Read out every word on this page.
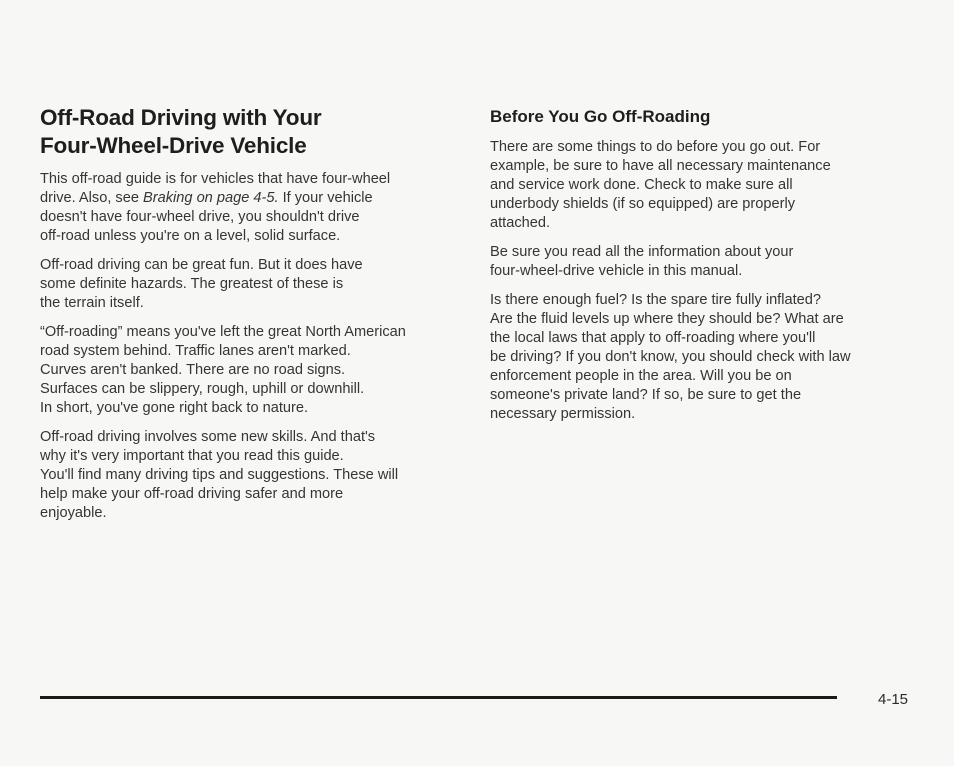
Off-Road Driving with Your
Four-Wheel-Drive Vehicle

This off-road guide is for vehicles that have four-wheel
drive. Also, see Braking on page 4-5. If your vehicle
doesn't have four-wheel drive, you shouldn't drive
off-road unless you're on a level, solid surface.

Off-road driving can be great fun. But it does have
some definite hazards. The greatest of these is
the terrain itself.

“Off-roading” means you've left the great North American
road system behind. Traffic lanes aren't marked.
Curves aren't banked. There are no road signs.
Surfaces can be slippery, rough, uphill or downhill.
In short, you've gone right back to nature.

Off-road driving involves some new skills. And that's
why it's very important that you read this guide.
You'll find many driving tips and suggestions. These will
help make your off-road driving safer and more
enjoyable.

Before You Go Off-Roading

There are some things to do before you go out. For
example, be sure to have all necessary maintenance
and service work done. Check to make sure all
underbody shields (if so equipped) are properly
attached.

Be sure you read all the information about your
four-wheel-drive vehicle in this manual.

Is there enough fuel? Is the spare tire fully inflated?
Are the fluid levels up where they should be? What are
the local laws that apply to off-roading where you'll
be driving? If you don't know, you should check with law
enforcement people in the area. Will you be on
someone's private land? If so, be sure to get the
necessary permission.

4-15
